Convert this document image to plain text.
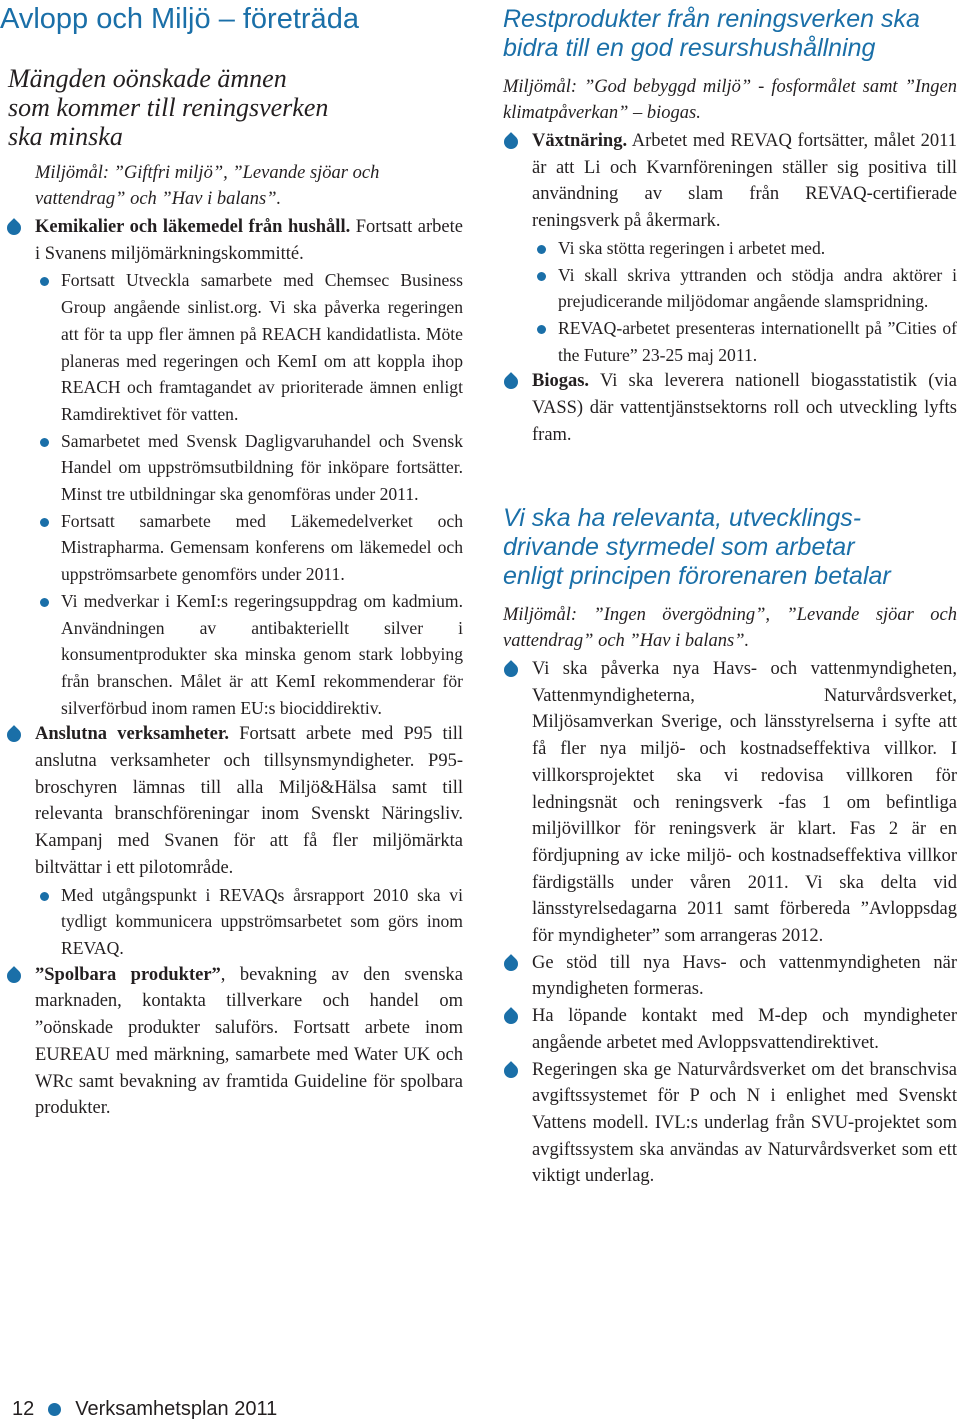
Avlopp och Miljö – företräda
Mängden oönskade ämnen
som kommer till reningsverken
ska minska

Miljömål: ”Giftfri miljö”, ”Levande sjöar och vattendrag” och ”Hav i balans”.

Kemikalier och läkemedel från hushåll. Fortsatt arbete i Svanens miljömärkningskommitté.

Fortsatt Utveckla samarbete med Chemsec Business Group angående sinlist.org. Vi ska påverka regeringen att för ta upp fler ämnen på REACH kandidatlista. Möte planeras med regeringen och KemI om att koppla ihop REACH och framtagandet av prioriterade ämnen enligt Ramdirektivet för vatten.

Samarbetet med Svensk Dagligvaruhandel och Svensk Handel om uppströmsutbildning för inköpare fortsätter. Minst tre utbildningar ska genomföras under 2011.

Fortsatt samarbete med Läkemedelverket och Mistrapharma. Gemensam konferens om läkemedel och uppströmsarbete genomförs under 2011.

Vi medverkar i KemI:s regeringsuppdrag om kadmium. Användningen av antibakteriellt silver i konsumentprodukter ska minska genom stark lobbying från branschen. Målet är att KemI rekommenderar för silverförbud inom ramen EU:s biociddirektiv.

Anslutna verksamheter. Fortsatt arbete med P95 till anslutna verksamheter och tillsynsmyndigheter. P95-broschyren lämnas till alla Miljö&Hälsa samt till relevanta branschföreningar inom Svenskt Näringsliv. Kampanj med Svanen för att få fler miljömärkta biltvättar i ett pilotområde.

Med utgångspunkt i REVAQs årsrapport 2010 ska vi tydligt kommunicera uppströmsarbetet som görs inom REVAQ.

”Spolbara produkter”, bevakning av den svenska marknaden, kontakta tillverkare och handel om ”oönskade produkter saluförs. Fortsatt arbete inom EUREAU med märkning, samarbete med Water UK och WRc samt bevakning av framtida Guideline för spolbara produkter.

Restprodukter från reningsverken ska
bidra till en god resurshushållning

Miljömål: ”God bebyggd miljö” - fosformålet samt ”Ingen klimatpåverkan” – biogas.

Växtnäring. Arbetet med REVAQ fortsätter, målet 2011 är att Li och Kvarnföreningen ställer sig positiva till användning av slam från REVAQ-certifierade reningsverk på åkermark.

Vi ska stötta regeringen i arbetet med.

Vi skall skriva yttranden och stödja andra aktörer i prejudicerande miljödomar angående slamspridning.

REVAQ-arbetet presenteras internationellt på ”Cities of the Future” 23-25 maj 2011.

Biogas. Vi ska leverera nationell biogasstatistik (via VASS) där vattentjänstsektorns roll och utveckling lyfts fram.

Vi ska ha relevanta, utvecklings-
drivande styrmedel som arbetar
enligt principen förorenaren betalar

Miljömål: ”Ingen övergödning”, ”Levande sjöar och vattendrag” och ”Hav i balans”.

Vi ska påverka nya Havs- och vattenmyndigheten, Vattenmyndigheterna, Naturvårdsverket, Miljösamverkan Sverige, och länsstyrelserna i syfte att få fler nya miljö- och kostnadseffektiva villkor. I villkorsprojektet ska vi redovisa villkoren för ledningsnät och reningsverk -fas 1 om befintliga miljövillkor för reningsverk är klart. Fas 2 är en fördjupning av icke miljö- och kostnadseffektiva villkor färdigställs under våren 2011. Vi ska delta vid länsstyrelsedagarna 2011 samt förbereda ”Avloppsdag för myndigheter” som arrangeras 2012.

Ge stöd till nya Havs- och vattenmyndigheten när myndigheten formeras.

Ha löpande kontakt med M-dep och myndigheter angående arbetet med Avloppsvattendirektivet.

Regeringen ska ge Naturvårdsverket om det branschvisa avgiftssystemet för P och N i enlighet med Svenskt Vattens modell. IVL:s underlag från SVU-projektet som avgiftssystem ska användas av Naturvårdsverket som ett viktigt underlag.

12 Verksamhetsplan 2011
